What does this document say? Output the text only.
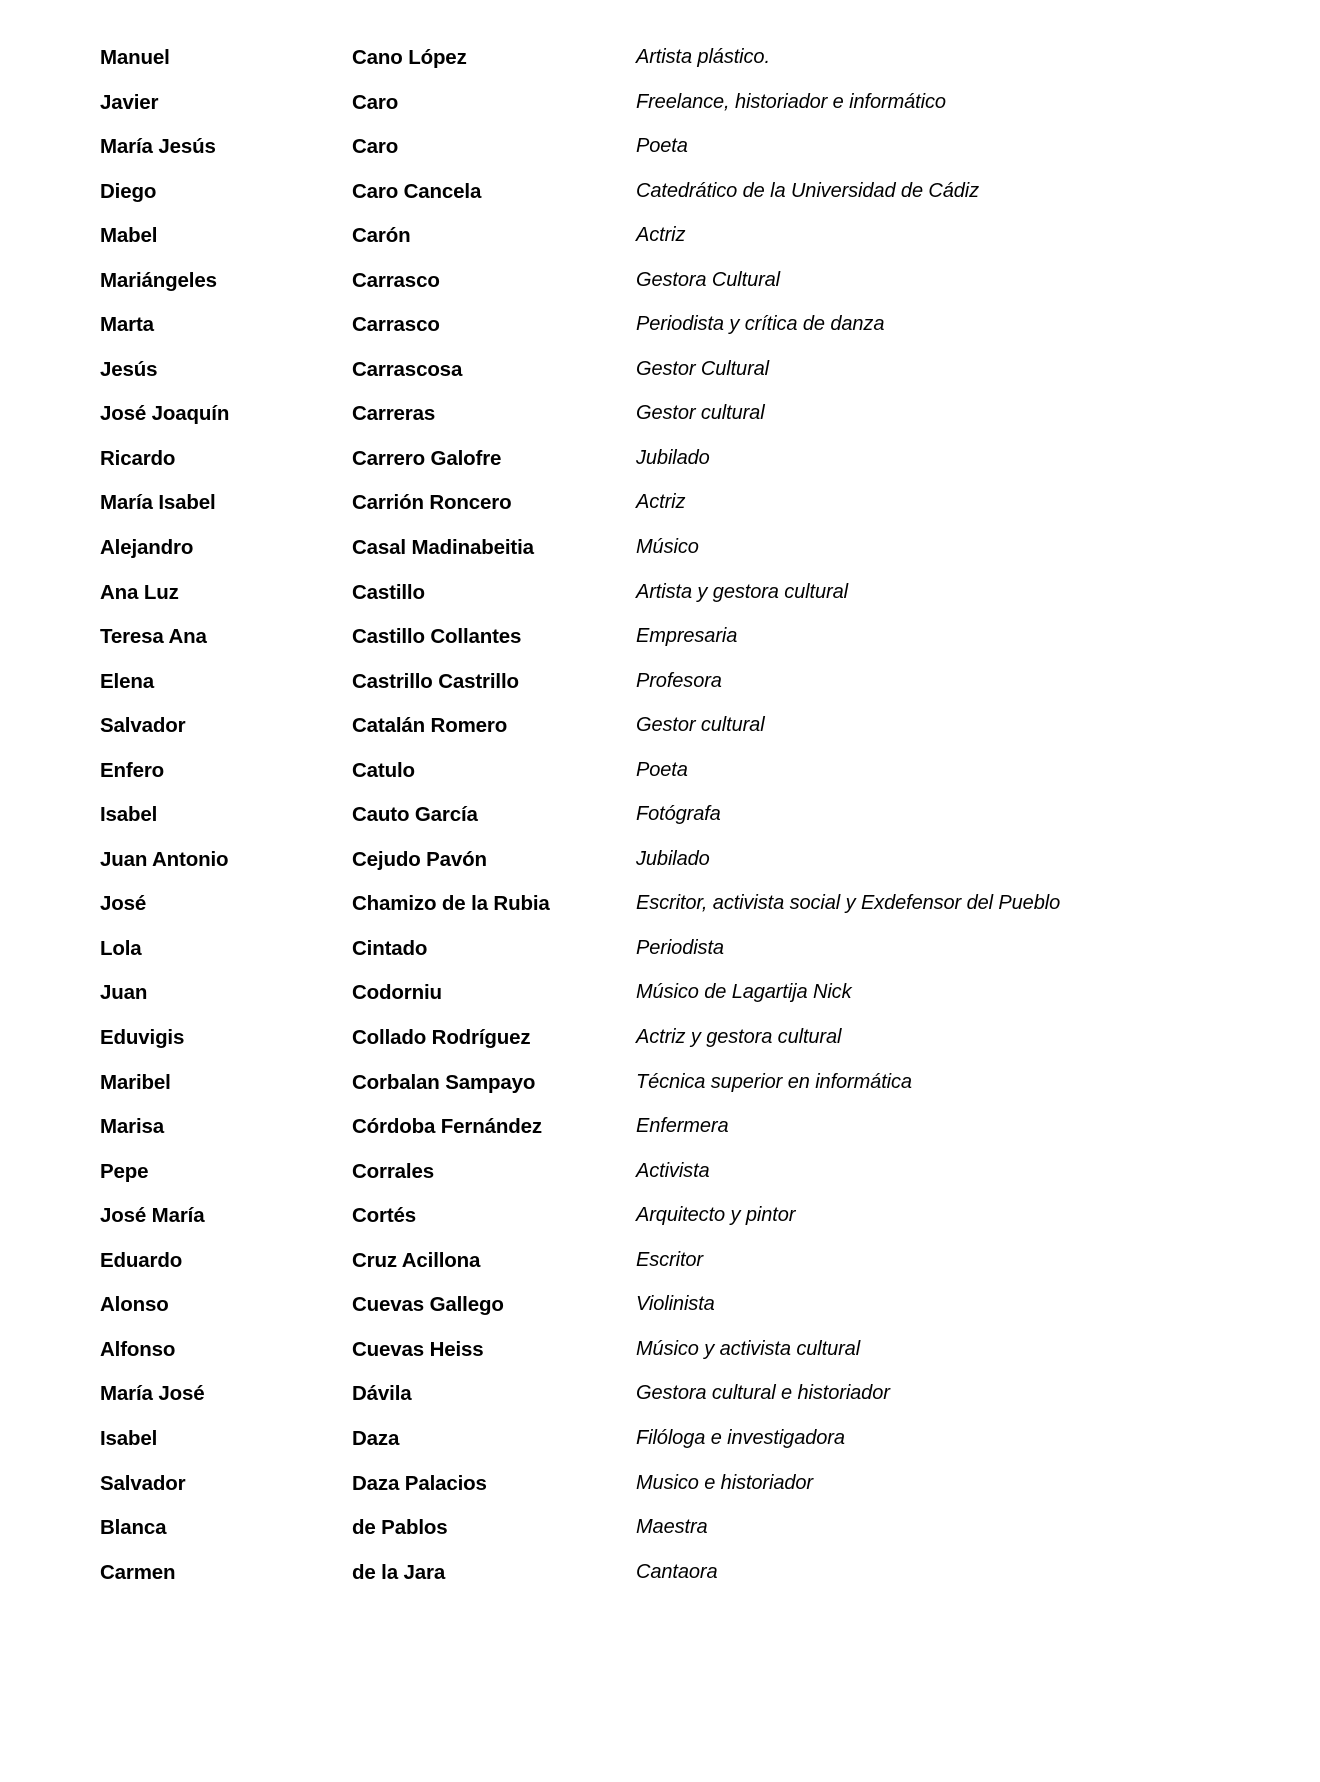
Manuel	Cano López	Artista plástico.
Javier	Caro	Freelance, historiador e informático
María Jesús	Caro	Poeta
Diego	Caro Cancela	Catedrático de la Universidad de Cádiz
Mabel	Carón	Actriz
Mariángeles	Carrasco	Gestora Cultural
Marta	Carrasco	Periodista y crítica de danza
Jesús	Carrascosa	Gestor Cultural
José Joaquín	Carreras	Gestor cultural
Ricardo	Carrero Galofre	Jubilado
María Isabel	Carrión Roncero	Actriz
Alejandro	Casal Madinabeitia	Músico
Ana Luz	Castillo	Artista y gestora cultural
Teresa Ana	Castillo Collantes	Empresaria
Elena	Castrillo Castrillo	Profesora
Salvador	Catalán Romero	Gestor cultural
Enfero	Catulo	Poeta
Isabel	Cauto García	Fotógrafa
Juan Antonio	Cejudo Pavón	Jubilado
José	Chamizo de la Rubia	Escritor, activista social y Exdefensor del Pueblo
Lola	Cintado	Periodista
Juan	Codorniu	Músico de Lagartija Nick
Eduvigis	Collado Rodríguez	Actriz y gestora cultural
Maribel	Corbalan Sampayo	Técnica superior en informática
Marisa	Córdoba Fernández	Enfermera
Pepe	Corrales	Activista
José María	Cortés	Arquitecto y pintor
Eduardo	Cruz Acillona	Escritor
Alonso	Cuevas Gallego	Violinista
Alfonso	Cuevas Heiss	Músico y activista cultural
María José	Dávila	Gestora cultural e historiador
Isabel	Daza	Filóloga e investigadora
Salvador	Daza Palacios	Musico e historiador
Blanca	de Pablos	Maestra
Carmen	de la Jara	Cantaora
